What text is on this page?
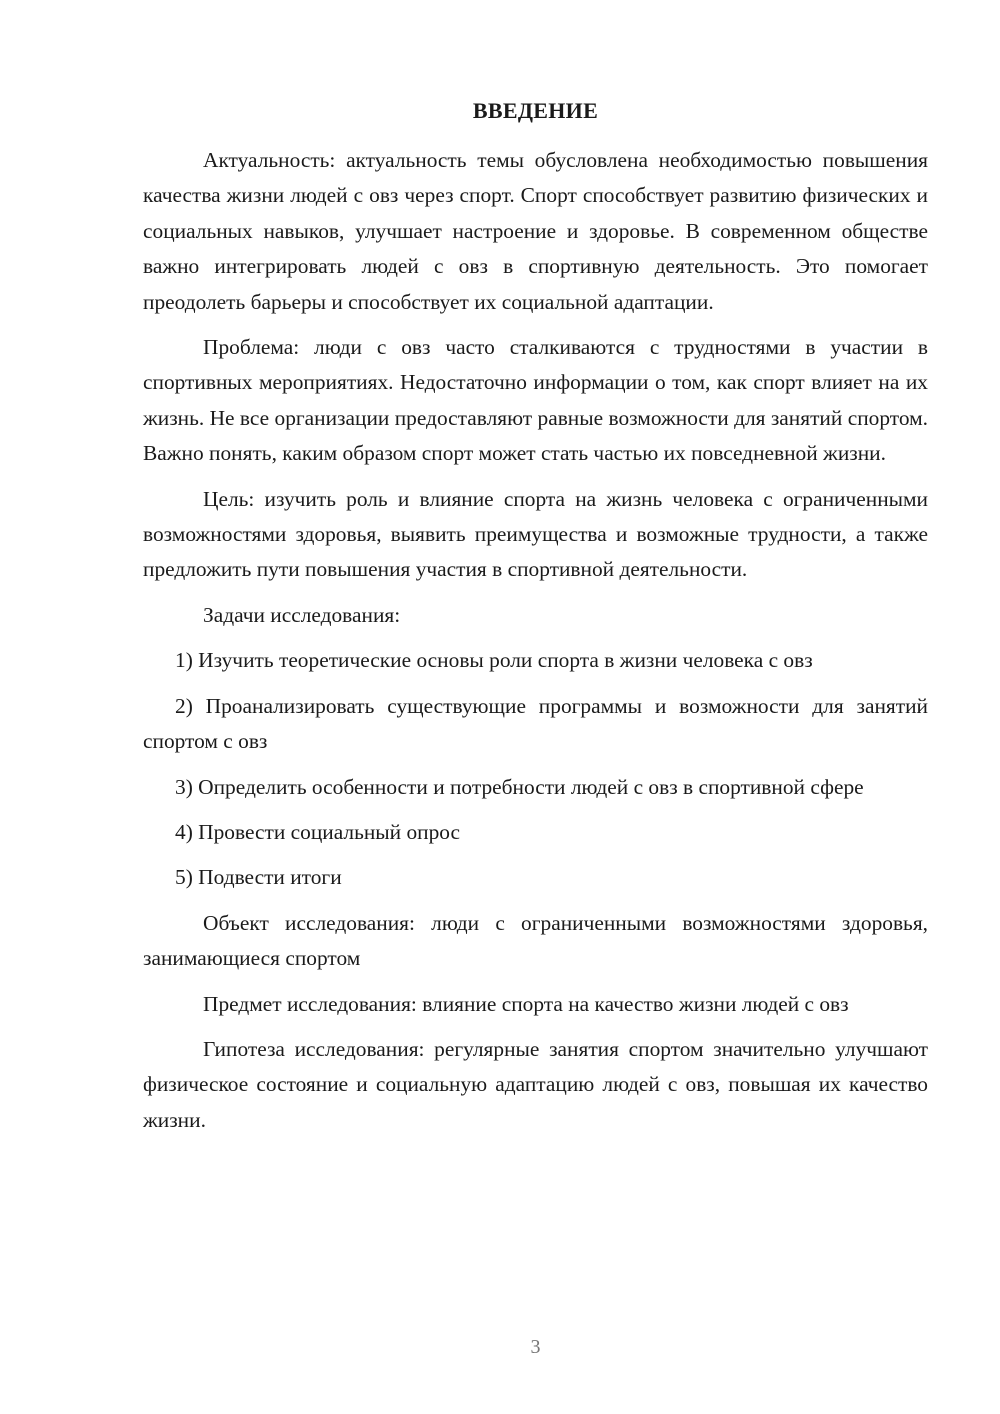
ВВЕДЕНИЕ

Актуальность: актуальность темы обусловлена необходимостью повышения качества жизни людей с овз через спорт. Спорт способствует развитию физических и социальных навыков, улучшает настроение и здоровье. В современном обществе важно интегрировать людей с овз в спортивную деятельность. Это помогает преодолеть барьеры и способствует их социальной адаптации.

Проблема: люди с овз часто сталкиваются с трудностями в участии в спортивных мероприятиях. Недостаточно информации о том, как спорт влияет на их жизнь. Не все организации предоставляют равные возможности для занятий спортом. Важно понять, каким образом спорт может стать частью их повседневной жизни.

Цель: изучить роль и влияние спорта на жизнь человека с ограниченными возможностями здоровья, выявить преимущества и возможные трудности, а также предложить пути повышения участия в спортивной деятельности.

Задачи исследования:

1) Изучить теоретические основы роли спорта в жизни человека с овз

2) Проанализировать существующие программы и возможности для занятий спортом с овз

3) Определить особенности и потребности людей с овз в спортивной сфере

4) Провести социальный опрос

5) Подвести итоги

Объект исследования: люди с ограниченными возможностями здоровья, занимающиеся спортом

Предмет исследования: влияние спорта на качество жизни людей с овз

Гипотеза исследования: регулярные занятия спортом значительно улучшают физическое состояние и социальную адаптацию людей с овз, повышая их качество жизни.

3
